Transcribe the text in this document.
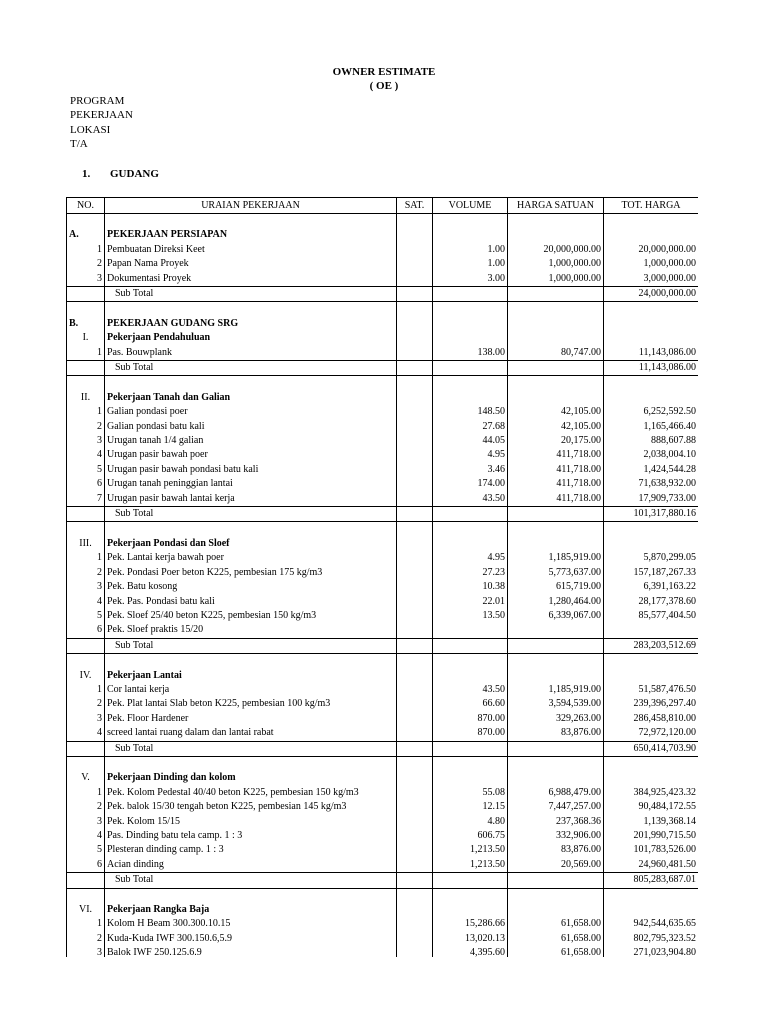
OWNER ESTIMATE
( OE )
PROGRAM
PEKERJAAN
LOKASI
T/A
1. GUDANG
NO.	URAIAN PEKERJAAN	SAT.	VOLUME	HARGA SATUAN	TOT. HARGA

A.	PEKERJAAN PERSIAPAN				
1	Pembuatan Direksi Keet		1.00	20,000,000.00	20,000,000.00
2	Papan Nama Proyek		1.00	1,000,000.00	1,000,000.00
3	Dokumentasi Proyek		3.00	1,000,000.00	3,000,000.00
	Sub Total				24,000,000.00

B.	PEKERJAAN GUDANG SRG				
I.	Pekerjaan Pendahuluan				
1	Pas. Bouwplank		138.00	80,747.00	11,143,086.00
	Sub Total				11,143,086.00

II.	Pekerjaan Tanah dan Galian				
1	Galian pondasi poer		148.50	42,105.00	6,252,592.50
2	Galian pondasi batu kali		27.68	42,105.00	1,165,466.40
3	Urugan tanah 1/4 galian		44.05	20,175.00	888,607.88
4	Urugan pasir bawah poer		4.95	411,718.00	2,038,004.10
5	Urugan pasir bawah pondasi batu kali		3.46	411,718.00	1,424,544.28
6	Urugan tanah peninggian lantai		174.00	411,718.00	71,638,932.00
7	Urugan pasir bawah lantai kerja		43.50	411,718.00	17,909,733.00
	Sub Total				101,317,880.16

III.	Pekerjaan Pondasi dan Sloef				
1	Pek. Lantai kerja bawah poer		4.95	1,185,919.00	5,870,299.05
2	Pek. Pondasi Poer beton K225, pembesian 175 kg/m3		27.23	5,773,637.00	157,187,267.33
3	Pek. Batu kosong		10.38	615,719.00	6,391,163.22
4	Pek. Pas. Pondasi batu kali		22.01	1,280,464.00	28,177,378.60
5	Pek. Sloef 25/40 beton K225, pembesian 150 kg/m3		13.50	6,339,067.00	85,577,404.50
6	Pek. Sloef praktis 15/20				
	Sub Total				283,203,512.69

IV.	Pekerjaan Lantai				
1	Cor lantai kerja		43.50	1,185,919.00	51,587,476.50
2	Pek. Plat lantai Slab beton K225, pembesian 100 kg/m3		66.60	3,594,539.00	239,396,297.40
3	Pek. Floor Hardener		870.00	329,263.00	286,458,810.00
4	screed lantai ruang dalam dan lantai rabat		870.00	83,876.00	72,972,120.00
	Sub Total				650,414,703.90

V.	Pekerjaan Dinding dan kolom				
1	Pek. Kolom Pedestal 40/40 beton K225, pembesian 150 kg/m3		55.08	6,988,479.00	384,925,423.32
2	Pek. balok 15/30 tengah beton K225, pembesian 145 kg/m3		12.15	7,447,257.00	90,484,172.55
3	Pek. Kolom 15/15		4.80	237,368.36	1,139,368.14
4	Pas. Dinding batu tela camp. 1 : 3		606.75	332,906.00	201,990,715.50
5	Plesteran dinding camp. 1 : 3		1,213.50	83,876.00	101,783,526.00
6	Acian dinding		1,213.50	20,569.00	24,960,481.50
	Sub Total				805,283,687.01

VI.	Pekerjaan Rangka Baja				
1	Kolom H Beam 300.300.10.15		15,286.66	61,658.00	942,544,635.65
2	Kuda-Kuda IWF 300.150.6,5.9		13,020.13	61,658.00	802,795,323.52
3	Balok IWF 250.125.6.9		4,395.60	61,658.00	271,023,904.80
